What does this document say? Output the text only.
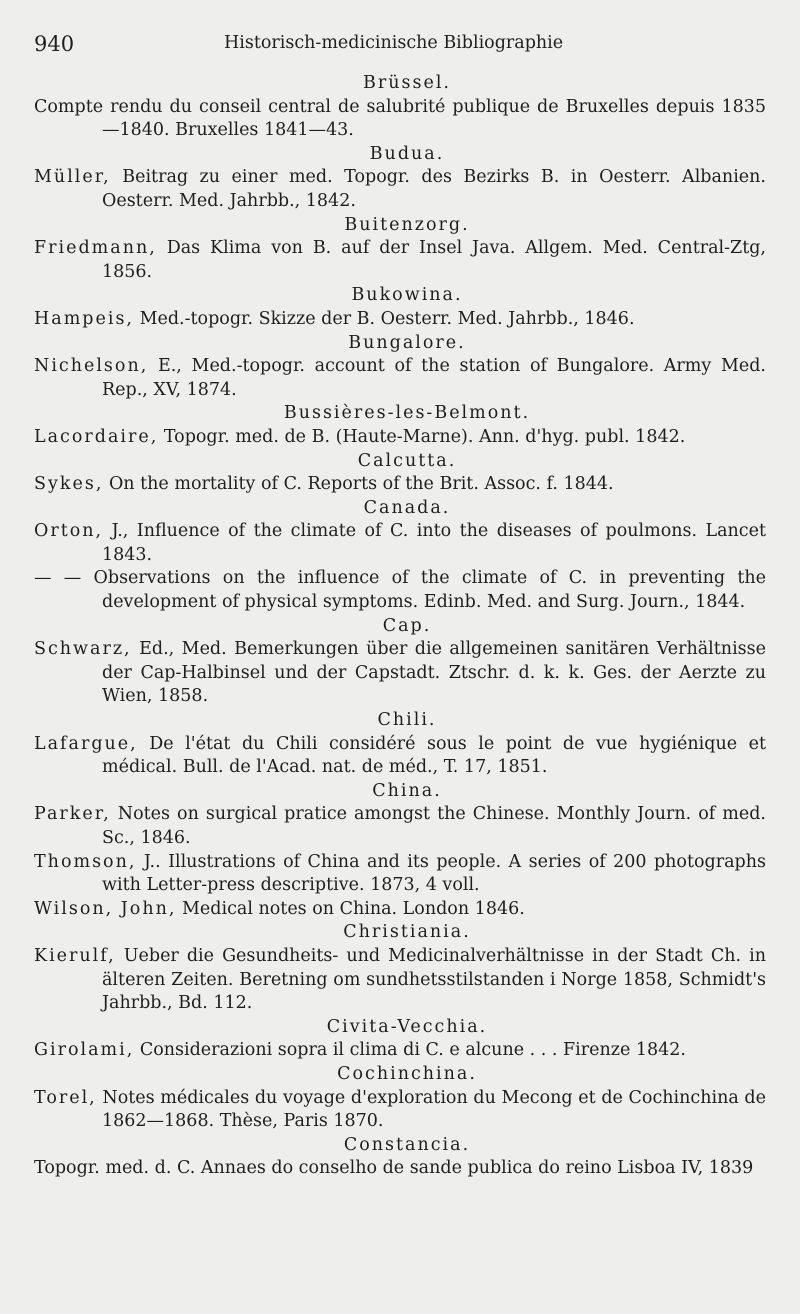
940	Historisch-medicinische Bibliographie
Brüssel.
Compte rendu du conseil central de salubrité publique de Bruxelles depuis 1835—1840. Bruxelles 1841—43.
Budua.
Müller, Beitrag zu einer med. Topogr. des Bezirks B. in Oesterr. Albanien. Oesterr. Med. Jahrbb., 1842.
Buitenzorg.
Friedmann, Das Klima von B. auf der Insel Java. Allgem. Med. Central-Ztg, 1856.
Bukowina.
Hampeis, Med.-topogr. Skizze der B. Oesterr. Med. Jahrbb., 1846.
Bungalore.
Nichelson, E., Med.-topogr. account of the station of Bungalore. Army Med. Rep., XV, 1874.
Bussières-les-Belmont.
Lacordaire, Topogr. med. de B. (Haute-Marne). Ann. d'hyg. publ. 1842.
Calcutta.
Sykes, On the mortality of C. Reports of the Brit. Assoc. f. 1844.
Canada.
Orton, J., Influence of the climate of C. into the diseases of poulmons. Lancet 1843.
— — Observations on the influence of the climate of C. in preventing the development of physical symptoms. Edinb. Med. and Surg. Journ., 1844.
Cap.
Schwarz, Ed., Med. Bemerkungen über die allgemeinen sanitären Verhältnisse der Cap-Halbinsel und der Capstadt. Ztschr. d. k. k. Ges. der Aerzte zu Wien, 1858.
Chili.
Lafargue, De l'état du Chili considéré sous le point de vue hygiénique et médical. Bull. de l'Acad. nat. de méd., T. 17, 1851.
China.
Parker, Notes on surgical pratice amongst the Chinese. Monthly Journ. of med. Sc., 1846.
Thomson, J.. Illustrations of China and its people. A series of 200 photographs with Letter-press descriptive. 1873, 4 voll.
Wilson, John, Medical notes on China. London 1846.
Christiania.
Kierulf, Ueber die Gesundheits- und Medicinalverhältnisse in der Stadt Ch. in älteren Zeiten. Beretning om sundhetsstilstanden i Norge 1858, Schmidt's Jahrbb., Bd. 112.
Civita-Vecchia.
Girolami, Considerazioni sopra il clima di C. e alcune . . . Firenze 1842.
Cochinchina.
Torel, Notes médicales du voyage d'exploration du Mecong et de Cochinchina de 1862—1868. Thèse, Paris 1870.
Constancia.
Topogr. med. d. C. Annaes do conselho de sande publica do reino Lisboa IV, 1839
